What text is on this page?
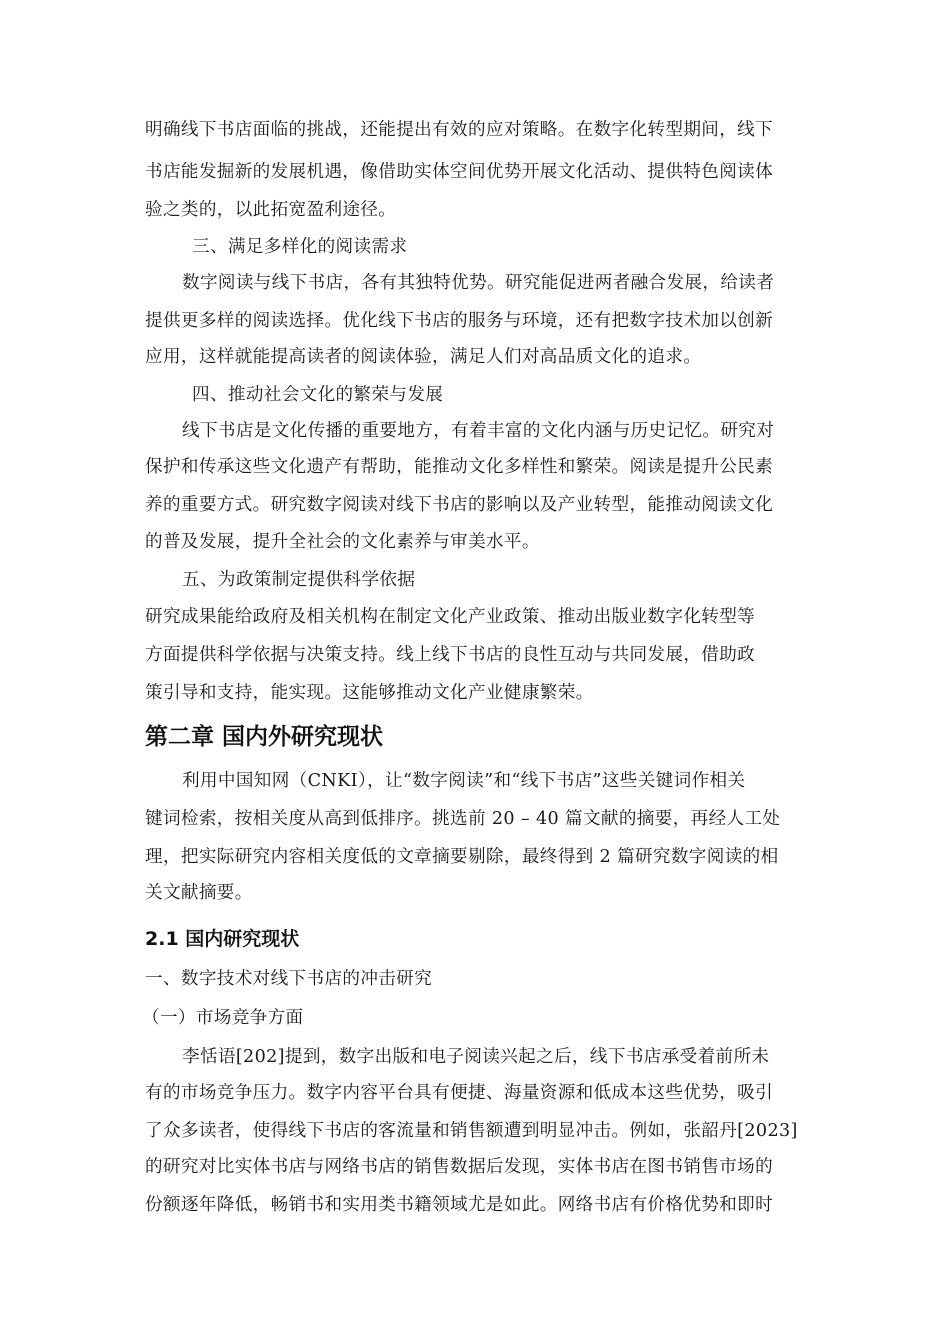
明确线下书店面临的挑战，还能提出有效的应对策略。在数字化转型期间，线下
书店能发掘新的发展机遇，像借助实体空间优势开展文化活动、提供特色阅读体
验之类的，以此拓宽盈利途径。
三、满足多样化的阅读需求
数字阅读与线下书店，各有其独特优势。研究能促进两者融合发展，给读者
提供更多样的阅读选择。优化线下书店的服务与环境，还有把数字技术加以创新
应用，这样就能提高读者的阅读体验，满足人们对高品质文化的追求。
四、推动社会文化的繁荣与发展
线下书店是文化传播的重要地方，有着丰富的文化内涵与历史记忆。研究对
保护和传承这些文化遗产有帮助，能推动文化多样性和繁荣。阅读是提升公民素
养的重要方式。研究数字阅读对线下书店的影响以及产业转型，能推动阅读文化
的普及发展，提升全社会的文化素养与审美水平。
五、为政策制定提供科学依据
研究成果能给政府及相关机构在制定文化产业政策、推动出版业数字化转型等
方面提供科学依据与决策支持。线上线下书店的良性互动与共同发展，借助政
策引导和支持，能实现。这能够推动文化产业健康繁荣。
第二章 国内外研究现状
利用中国知网（CNKI），让“数字阅读”和“线下书店”这些关键词作相关
键词检索，按相关度从高到低排序。挑选前 20 – 40 篇文献的摘要，再经人工处
理，把实际研究内容相关度低的文章摘要剔除，最终得到 2 篇研究数字阅读的相
关文献摘要。
2.1 国内研究现状
一、数字技术对线下书店的冲击研究
（一）市场竞争方面
李恬语[202]提到，数字出版和电子阅读兴起之后，线下书店承受着前所未
有的市场竞争压力。数字内容平台具有便捷、海量资源和低成本这些优势，吸引
了众多读者，使得线下书店的客流量和销售额遭到明显冲击。例如，张韶丹[2023]
的研究对比实体书店与网络书店的销售数据后发现，实体书店在图书销售市场的
份额逐年降低，畅销书和实用类书籍领域尤是如此。网络书店有价格优势和即时
